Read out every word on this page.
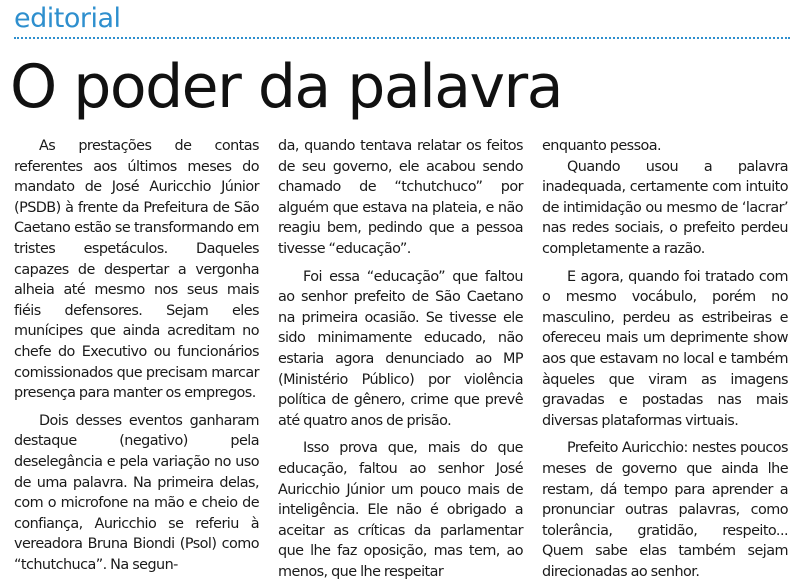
editorial
O poder da palavra

As prestações de contas referentes aos últimos meses do mandato de José Auricchio Júnior (PSDB) à frente da Prefeitura de São Caetano estão se transformando em tristes espetáculos. Daqueles capazes de despertar a vergonha alheia até mesmo nos seus mais fiéis defensores. Sejam eles munícipes que ainda acreditam no chefe do Executivo ou funcionários comissionados que precisam marcar presença para manter os empregos.

Dois desses eventos ganharam destaque (negativo) pela deselegância e pela variação no uso de uma palavra. Na primeira delas, com o microfone na mão e cheio de confiança, Auricchio se referiu à vereadora Bruna Biondi (Psol) como “tchutchuca”. Na segun-

da, quando tentava relatar os feitos de seu governo, ele acabou sendo chamado de “tchutchuco” por alguém que estava na plateia, e não reagiu bem, pedindo que a pessoa tivesse “educação”.

Foi essa “educação” que faltou ao senhor prefeito de São Caetano na primeira ocasião. Se tivesse ele sido minimamente educado, não estaria agora denunciado ao MP (Ministério Público) por violência política de gênero, crime que prevê até quatro anos de prisão.

Isso prova que, mais do que educação, faltou ao senhor José Auricchio Júnior um pouco mais de inteligência. Ele não é obrigado a aceitar as críticas da parlamentar que lhe faz oposição, mas tem, ao menos, que lhe respeitar

enquanto pessoa.

Quando usou a palavra inadequada, certamente com intuito de intimidação ou mesmo de ‘lacrar’ nas redes sociais, o prefeito perdeu completamente a razão.

E agora, quando foi tratado com o mesmo vocábulo, porém no masculino, perdeu as estribeiras e ofereceu mais um deprimente show aos que estavam no local e também àqueles que viram as imagens gravadas e postadas nas mais diversas plataformas virtuais.

Prefeito Auricchio: nestes poucos meses de governo que ainda lhe restam, dá tempo para aprender a pronunciar outras palavras, como tolerância, gratidão, respeito... Quem sabe elas também sejam direcionadas ao senhor.
